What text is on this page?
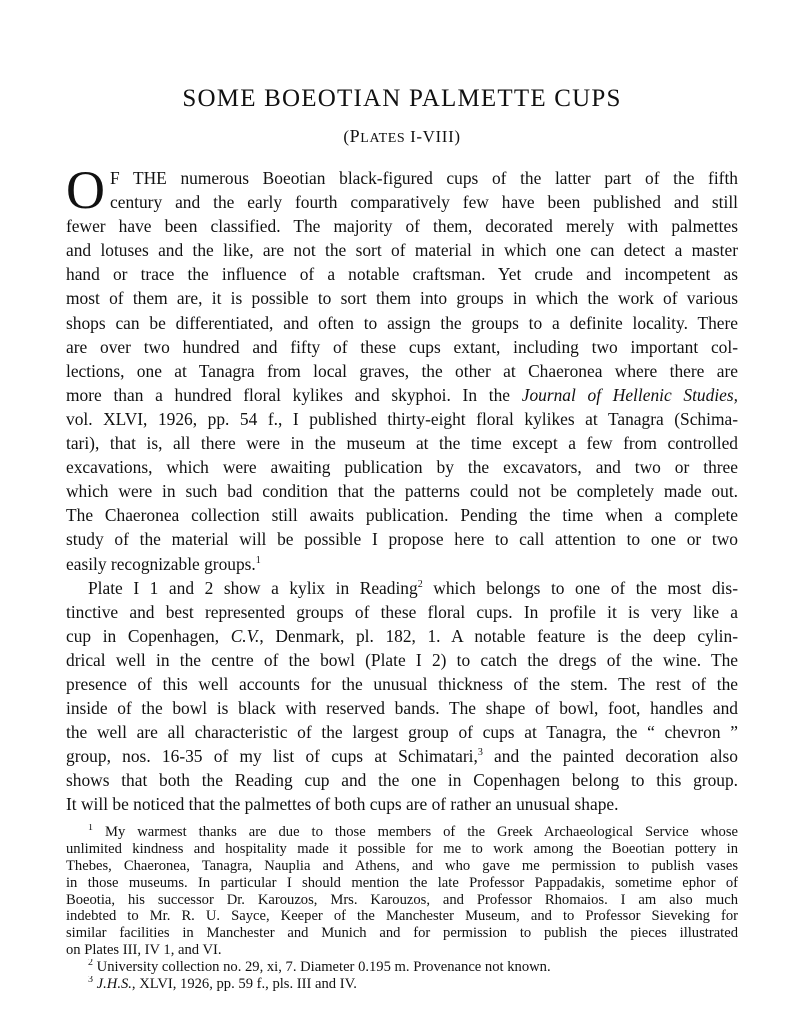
SOME BOEOTIAN PALMETTE CUPS
(PLATES I-VIII)
O F THE numerous Boeotian black-figured cups of the latter part of the fifth
century and the early fourth comparatively few have been published and still
fewer have been classified. The majority of them, decorated merely with palmettes
and lotuses and the like, are not the sort of material in which one can detect a master
hand or trace the influence of a notable craftsman. Yet crude and incompetent as
most of them are, it is possible to sort them into groups in which the work of various
shops can be differentiated, and often to assign the groups to a definite locality. There
are over two hundred and fifty of these cups extant, including two important col-
lections, one at Tanagra from local graves, the other at Chaeronea where there are
more than a hundred floral kylikes and skyphoi. In the Journal of Hellenic Studies,
vol. XLVI, 1926, pp. 54 f., I published thirty-eight floral kylikes at Tanagra (Schima-
tari), that is, all there were in the museum at the time except a few from controlled
excavations, which were awaiting publication by the excavators, and two or three
which were in such bad condition that the patterns could not be completely made out.
The Chaeronea collection still awaits publication. Pending the time when a complete
study of the material will be possible I propose here to call attention to one or two
easily recognizable groups.$^1$
Plate I 1 and 2 show a kylix in Reading$^2$ which belongs to one of the most dis-
tinctive and best represented groups of these floral cups. In profile it is very like a
cup in Copenhagen, C.V., Denmark, pl. 182, 1. A notable feature is the deep cylin-
drical well in the centre of the bowl (Plate I 2) to catch the dregs of the wine. The
presence of this well accounts for the unusual thickness of the stem. The rest of the
inside of the bowl is black with reserved bands. The shape of bowl, foot, handles and
the well are all characteristic of the largest group of cups at Tanagra, the “ chevron ”
group, nos. 16-35 of my list of cups at Schimatari,$^3$ and the painted decoration also
shows that both the Reading cup and the one in Copenhagen belong to this group.
It will be noticed that the palmettes of both cups are of rather an unusual shape.
$^1$ My warmest thanks are due to those members of the Greek Archaeological Service whose
unlimited kindness and hospitality made it possible for me to work among the Boeotian pottery in
Thebes, Chaeronea, Tanagra, Nauplia and Athens, and who gave me permission to publish vases
in those museums. In particular I should mention the late Professor Pappadakis, sometime ephor of
Boeotia, his successor Dr. Karouzos, Mrs. Karouzos, and Professor Rhomaios. I am also much
indebted to Mr. R. U. Sayce, Keeper of the Manchester Museum, and to Professor Sieveking for
similar facilities in Manchester and Munich and for permission to publish the pieces illustrated
on Plates III, IV 1, and VI.
$^2$ University collection no. 29, xi, 7. Diameter 0.195 m. Provenance not known.
$^3$ J.H.S., XLVI, 1926, pp. 59 f., pls. III and IV.
